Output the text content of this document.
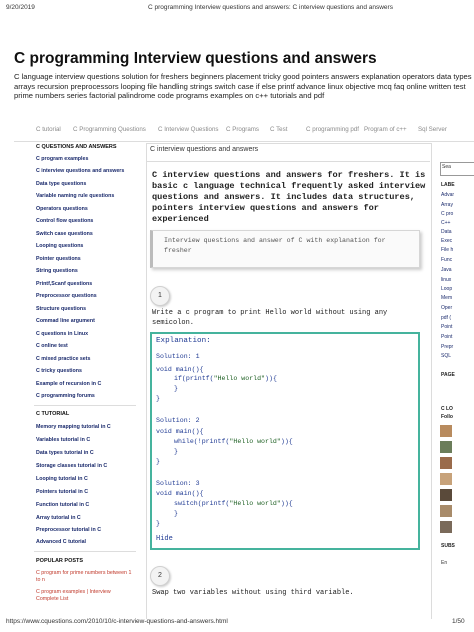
9/20/2019	C programming Interview questions and answers: C interview questions and answers
C programming Interview questions and answers
C language interview questions solution for freshers beginners placement tricky good pointers answers explanation operators data types arrays recursion preprocessors looping file handling strings switch case if else printf advance linux objective mcq faq online written test prime numbers series factorial palindrome code programs examples on c++ tutorials and pdf
C tutorial C Programming Questions C Interview Questions C Programs C Test	C programming pdf Program of c++ Sql Server
C QUESTIONS AND ANSWERS
C program examples
C interview questions and answers
Data type questions
Variable naming rule questions
Operators questions
Control flow questions
Switch case questions
Looping questions
Pointer questions
String questions
Printf,Scanf questions
Preprocessor questions
Structure questions
Commad line argument
C questions in Linux
C online test
C mixed practice sets
C tricky questions
Example of recursion in C
C programming forums
C TUTORIAL
Memory mapping tutorial in C
Variables tutorial in C
Data types tutorial in C
Storage classes tutorial in C
Looping tutorial in C
Pointers tutorial in C
Function tutorial in C
Array tutorial in C
Preprocessor tutorial in C
Advanced C tutorial
POPULAR POSTS
C program for prime numbers between 1 to n
C program examples | Interview Complete List
C interview questions and answers
C interview questions and answers for freshers. It is basic c language technical frequently asked interview questions and answers. It includes data structures, pointers interview questions and answers for experienced
Interview questions and answer of C with explanation for fresher
1
Write a c program to print Hello world without using any semicolon.
Explanation:
Solution: 1
void main(){
if(printf("Hello world")){
}
}
Solution: 2
void main(){
while(!printf("Hello world")){
}
}
Solution: 3
void main(){
switch(printf("Hello world")){
}
}
Hide
2
Swap two variables without using third variable.
Sea
LABE
Advar
Array
C pro
C++
Data
Exec
File h
Func
Java
linux
Loop
Mem
Oper
pdf (
Point
Point
Prepr
SQL
PAGE
C LO
Follo
SUBS
En
https://www.cquestions.com/2010/10/c-interview-questions-and-answers.html	1/50
